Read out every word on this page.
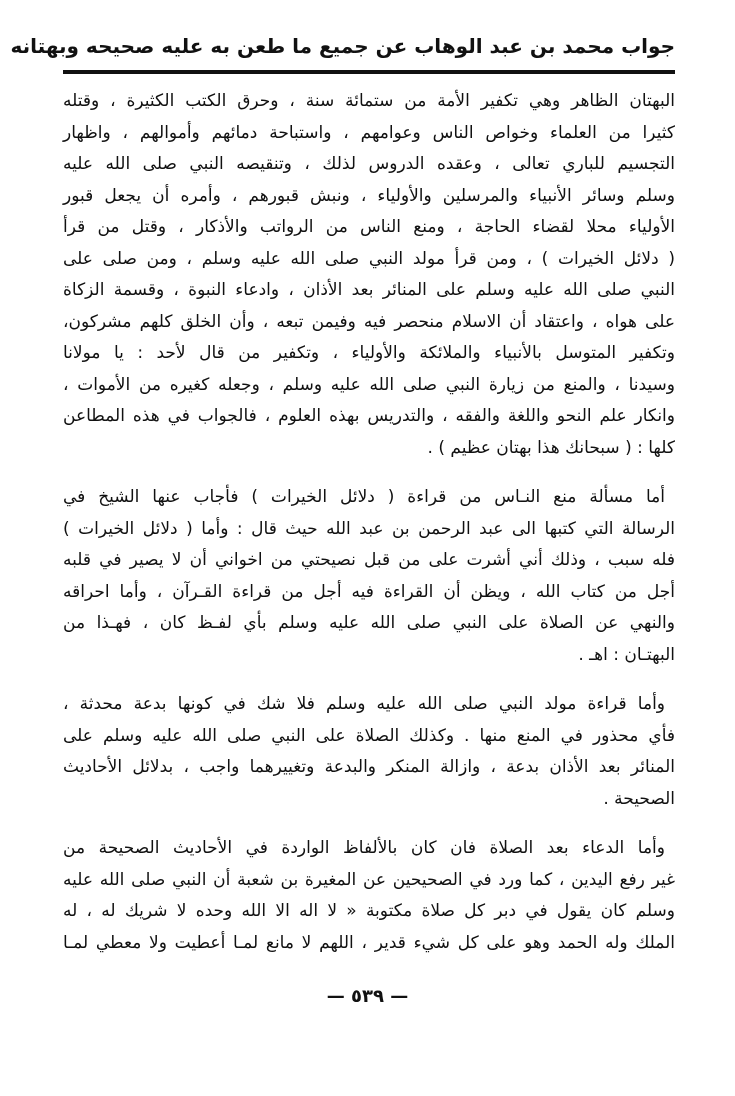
جواب محمد بن عبد الوهاب عن جميع ما طعن به عليه صحيحه وبهتانه
البهتان الظاهر وهي تكفير الأمة من ستمائة سنة ، وحرق الكتب الكثيرة ، وقتله
كثيرا من العلماء وخواص الناس وعوامهم ، واستباحة دمائهم وأموالهم ، واظهار
التجسيم للباري تعالى ، وعقده الدروس لذلك ، وتنقيصه النبي صلى الله عليه
وسلم وسائر الأنبياء والمرسلين والأولياء ، ونبش قبورهم ، وأمره أن يجعل قبور
الأولياء محلا لقضاء الحاجة ، ومنع الناس من الرواتب والأذكار ، وقتل من قرأ
( دلائل الخيرات ) ، ومن قرأ مولد النبي صلى الله عليه وسلم ، ومن صلى على
النبي صلى الله عليه وسلم على المنائر بعد الأذان ، وادعاء النبوة ، وقسمة الزكاة
على هواه ، واعتقاد أن الاسلام منحصر فيه وفيمن تبعه ، وأن الخلق كلهم مشركون،
وتكفير المتوسل بالأنبياء والملائكة والأولياء ، وتكفير من قال لأحد : يا مولانا
وسيدنا ، والمنع من زيارة النبي صلى الله عليه وسلم ، وجعله كغيره من الأموات ،
وانكار علم النحو واللغة والفقه ، والتدريس بهذه العلوم ، فالجواب في هذه المطاعن
كلها : ( سبحانك هذا بهتان عظيم ) .
أما مسألة منع النـاس من قراءة ( دلائل الخيرات ) فأجاب عنها الشيخ في
الرسالة التي كتبها الى عبد الرحمن بن عبد الله حيث قال : وأما ( دلائل الخيرات )
فله سبب ، وذلك أني أشرت على من قبل نصيحتي من اخواني أن لا يصير في قلبه
أجل من كتاب الله ، ويظن أن القراءة فيه أجل من قراءة القـرآن ، وأما احراقه
والنهي عن الصلاة على النبي صلى الله عليه وسلم بأي لفـظ كان ، فهـذا من
البهتـان : اهـ .
وأما قراءة مولد النبي صلى الله عليه وسلم فلا شك في كونها بدعة محدثة ،
فأي محذور في المنع منها . وكذلك الصلاة على النبي صلى الله عليه وسلم على
المنائر بعد الأذان بدعة ، وازالة المنكر والبدعة وتغييرهما واجب ، بدلائل الأحاديث
الصحيحة .
وأما الدعاء بعد الصلاة فان كان بالألفاظ الواردة في الأحاديث الصحيحة من
غير رفع اليدين ، كما ورد في الصحيحين عن المغيرة بن شعبة أن النبي صلى الله عليه
وسلم كان يقول في دبر كل صلاة مكتوبة « لا اله الا الله وحده لا شريك له ، له
الملك وله الحمد وهو على كل شيء قدير ، اللهم لا مانع لمـا أعطيت ولا معطي لمـا
— ٥٣٩ —
